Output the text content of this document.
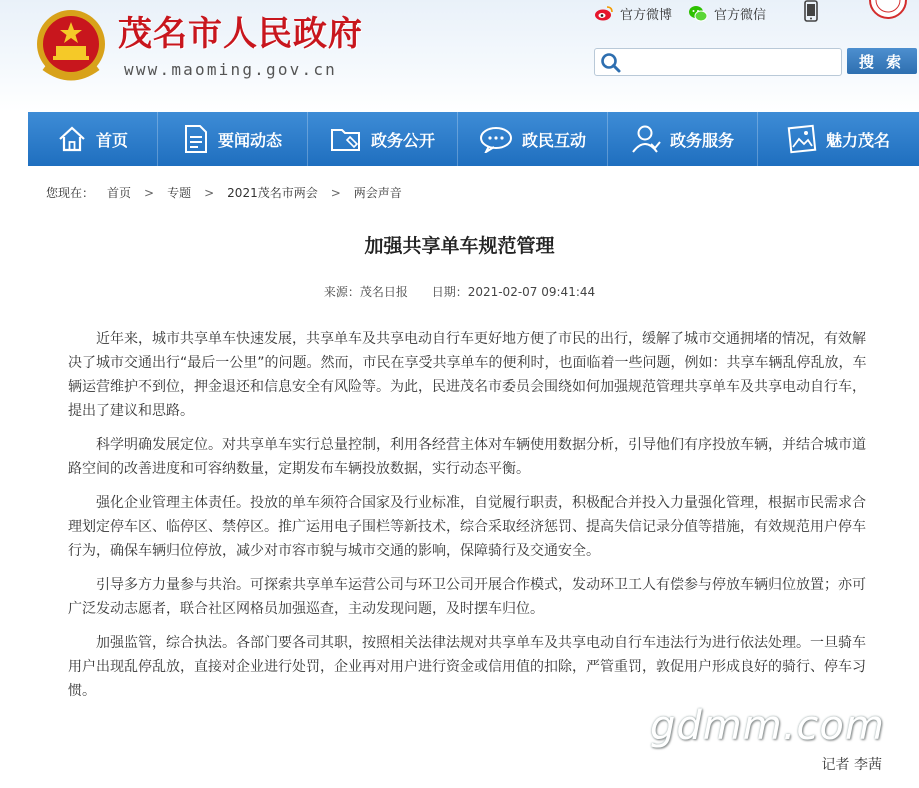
茂名市人民政府
www.maoming.gov.cn
官方微博	官方微信
搜 索
首页	要闻动态	政务公开	政民互动	政务服务	魅力茂名
您现在： 首页 > 专题 > 2021茂名市两会 > 两会声音
加强共享单车规范管理
来源：茂名日报 日期：2021-02-07 09:41:44

近年来，城市共享单车快速发展，共享单车及共享电动自行车更好地方便了市民的出行，缓解了城市交通拥堵的情况，有效解决了城市交通出行“最后一公里”的问题。然而，市民在享受共享单车的便利时，也面临着一些问题，例如：共享车辆乱停乱放，车辆运营维护不到位，押金退还和信息安全有风险等。为此，民进茂名市委员会围绕如何加强规范管理共享单车及共享电动自行车，提出了建议和思路。

科学明确发展定位。对共享单车实行总量控制，利用各经营主体对车辆使用数据分析，引导他们有序投放车辆，并结合城市道路空间的改善进度和可容纳数量，定期发布车辆投放数据，实行动态平衡。

强化企业管理主体责任。投放的单车须符合国家及行业标准，自觉履行职责，积极配合并投入力量强化管理，根据市民需求合理划定停车区、临停区、禁停区。推广运用电子围栏等新技术，综合采取经济惩罚、提高失信记录分值等措施，有效规范用户停车行为，确保车辆归位停放，减少对市容市貌与城市交通的影响，保障骑行及交通安全。

引导多方力量参与共治。可探索共享单车运营公司与环卫公司开展合作模式，发动环卫工人有偿参与停放车辆归位放置；亦可广泛发动志愿者，联合社区网格员加强巡查，主动发现问题，及时摆车归位。

加强监管，综合执法。各部门要各司其职，按照相关法律法规对共享单车及共享电动自行车违法行为进行依法处理。一旦骑车用户出现乱停乱放，直接对企业进行处罚，企业再对用户进行资金或信用值的扣除，严管重罚，敦促用户形成良好的骑行、停车习惯。

gdmm.com
记者 李茜
